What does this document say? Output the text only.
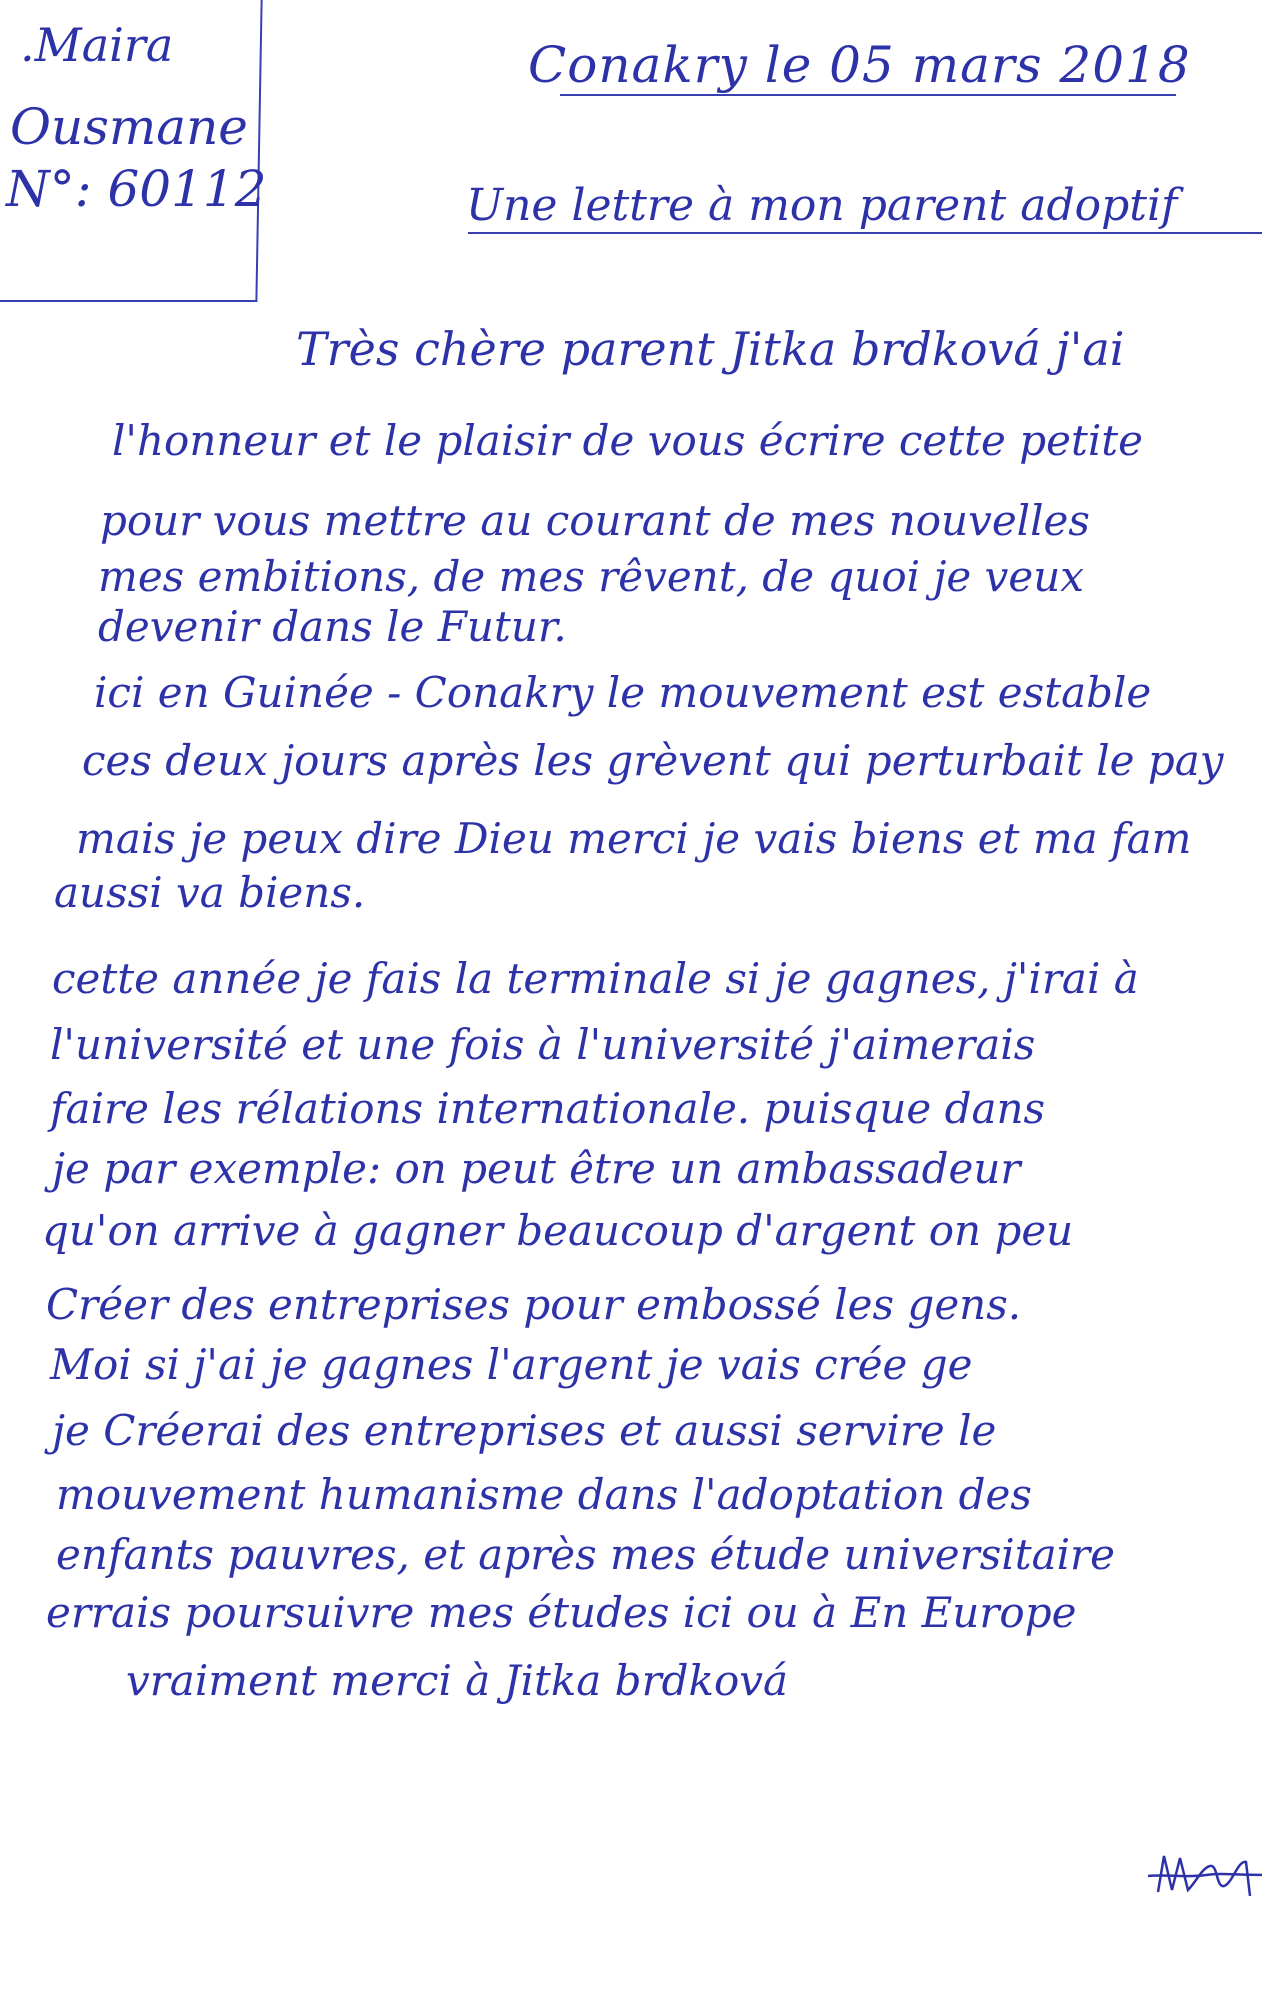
.Maira
Ousmane
N°: 60112
Conakry le 05 mars 2018
Une lettre à mon parent adoptif
Très chère parent Jitka brdková j'ai
l'honneur et le plaisir de vous écrire cette petite
pour vous mettre au courant de mes nouvelles
mes embitions, de mes rêvent, de quoi je veux
devenir dans le Futur.
ici en Guinée - Conakry le mouvement est estable
ces deux jours après les grèvent qui perturbait le pay
mais je peux dire Dieu merci je vais biens et ma fam
aussi va biens.
cette année je fais la terminale si je gagnes, j'irai à
l'université et une fois à l'université j'aimerais
faire les rélations internationale. puisque dans
je par exemple: on peut être un ambassadeur
qu'on arrive à gagner beaucoup d'argent on peu
Créer des entreprises pour embossé les gens.
Moi si j'ai je gagnes l'argent je vais crée ge
je Créerai des entreprises et aussi servire le
mouvement humanisme dans l'adoptation des
enfants pauvres, et après mes étude universitaire
errais poursuivre mes études ici ou à En Europe
vraiment merci à Jitka brdková
